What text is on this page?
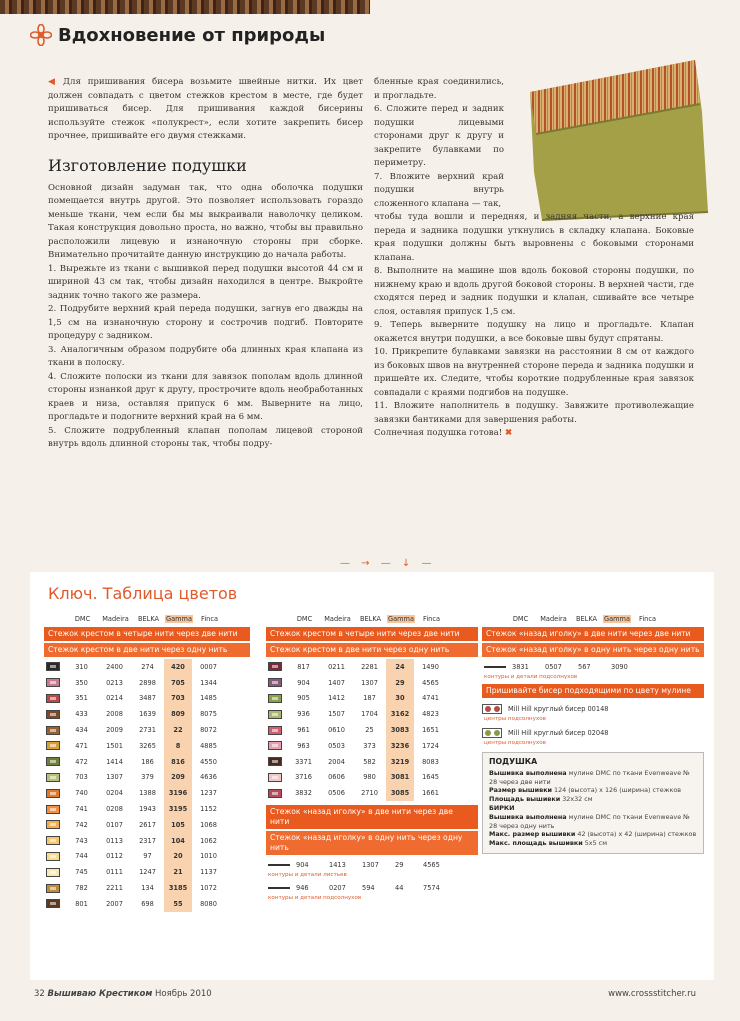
Вдохновение от природы

◀ Для пришивания бисера возьмите швейные нитки. Их цвет должен совпадать с цветом стежков крестом в месте, где будет пришиваться бисер. Для пришивания каждой бисерины используйте стежок «полукрест», если хотите закрепить бисер прочнее, пришивайте его двумя стежками.

Изготовление подушки

Основной дизайн задуман так, что одна оболочка подушки помещается внутрь другой. Это позволяет использовать гораздо меньше ткани, чем если бы мы выкраивали наволочку целиком. Такая конструкция довольно проста, но важно, чтобы вы правильно расположили лицевую и изнаночную стороны при сборке. Внимательно прочитайте данную инструкцию до начала работы.

1. Вырежьте из ткани с вышивкой перед подушки высотой 44 см и шириной 43 см так, чтобы дизайн находился в центре. Выкройте задник точно такого же размера.

2. Подрубите верхний край переда подушки, загнув его дважды на 1,5 см на изнаночную сторону и сострочив подгиб. Повторите процедуру с задником.

3. Аналогичным образом подрубите оба длинных края клапана из ткани в полоску.

4. Сложите полоски из ткани для завязок пополам вдоль длинной стороны изнанкой друг к другу, прострочите вдоль необработанных краев и низа, оставляя припуск 6 мм. Выверните на лицо, прогладьте и подогните верхний край на 6 мм.

5. Сложите подрубленный клапан пополам лицевой стороной внутрь вдоль длинной стороны так, чтобы подру-

бленные края соединились, и прогладьте.

6. Сложите перед и задник подушки лицевыми сторонами друг к другу и закрепите булавками по периметру.

7. Вложите верхний край подушки внутрь сложенного клапана — так,

чтобы туда вошли и передняя, и задняя части, а верхние края переда и задника подушки уткнулись в складку клапана. Боковые края подушки должны быть выровнены с боковыми сторонами клапана.

8. Выполните на машине шов вдоль боковой стороны подушки, по нижнему краю и вдоль другой боковой стороны. В верхней части, где сходятся перед и задник подушки и клапан, сшивайте все четыре слоя, оставляя припуск 1,5 см.

9. Теперь выверните подушку на лицо и прогладьте. Клапан окажется внутри подушки, а все боковые швы будут спрятаны.

10. Прикрепите булавками завязки на расстоянии 8 см от каждого из боковых швов на внутренней стороне переда и задника подушки и пришейте их. Следите, чтобы короткие подрубленные края завязок совпадали с краями подгибов на подушке.

11. Вложите наполнитель в подушку. Завяжите противолежащие завязки бантиками для завершения работы.

Солнечная подушка готова! ✖

— → — ↓ —
Ключ. Таблица цветов
DMC	Madeira	BELKA	Gamma	Finca
Стежок крестом в четыре нити через две нити
Стежок крестом в две нити через одну нить
310	2400	274	420	0007
350	0213	2898	705	1344
351	0214	3487	703	1485
433	2008	1639	809	8075
434	2009	2731	22	8072
471	1501	3265	8	4885
472	1414	186	816	4550
703	1307	379	209	4636
740	0204	1388	3196	1237
741	0208	1943	3195	1152
742	0107	2617	105	1068
743	0113	2317	104	1062
744	0112	97	20	1010
745	0111	1247	21	1137
782	2211	134	3185	1072
801	2007	698	55	8080
DMC	Madeira	BELKA	Gamma	Finca
Стежок крестом в четыре нити через две нити
Стежок крестом в две нити через одну нить
817	0211	2281	24	1490
904	1407	1307	29	4565
905	1412	187	30	4741
936	1507	1704	3162	4823
961	0610	25	3083	1651
963	0503	373	3236	1724
3371	2004	582	3219	8083
3716	0606	980	3081	1645
3832	0506	2710	3085	1661
Стежок «назад иголку» в две нити через две нити
Стежок «назад иголку» в одну нить через одну нить
904	1413	1307	29	4565
контуры и детали листьев
946	0207	594	44	7574
контуры и детали подсолнухов
DMC	Madeira	BELKA	Gamma	Finca
Стежок «назад иголку» в две нити через две нити
Стежок «назад иголку» в одну нить через одну нить
3831	0507	567	3090
контуры и детали подсолнухов
Пришивайте бисер подходящими по цвету мулине
Mill Hill круглый бисер 00148
центры подсолнухов
Mill Hill круглый бисер 02048
центры подсолнухов
ПОДУШКА
Вышивка выполнена мулине DMC по ткани Evenweave № 28 через две нити
Размер вышивки 124 (высота) х 126 (ширина) стежков
Площадь вышивки 32х32 см
БИРКИ
Вышивка выполнена мулине DMC по ткани Evenweave № 28 через одну нить
Макс. размер вышивки 42 (высота) х 42 (ширина) стежков
Макс. площадь вышивки 5х5 см
32 Вышиваю Крестиком Ноябрь 2010	www.crossstitcher.ru
